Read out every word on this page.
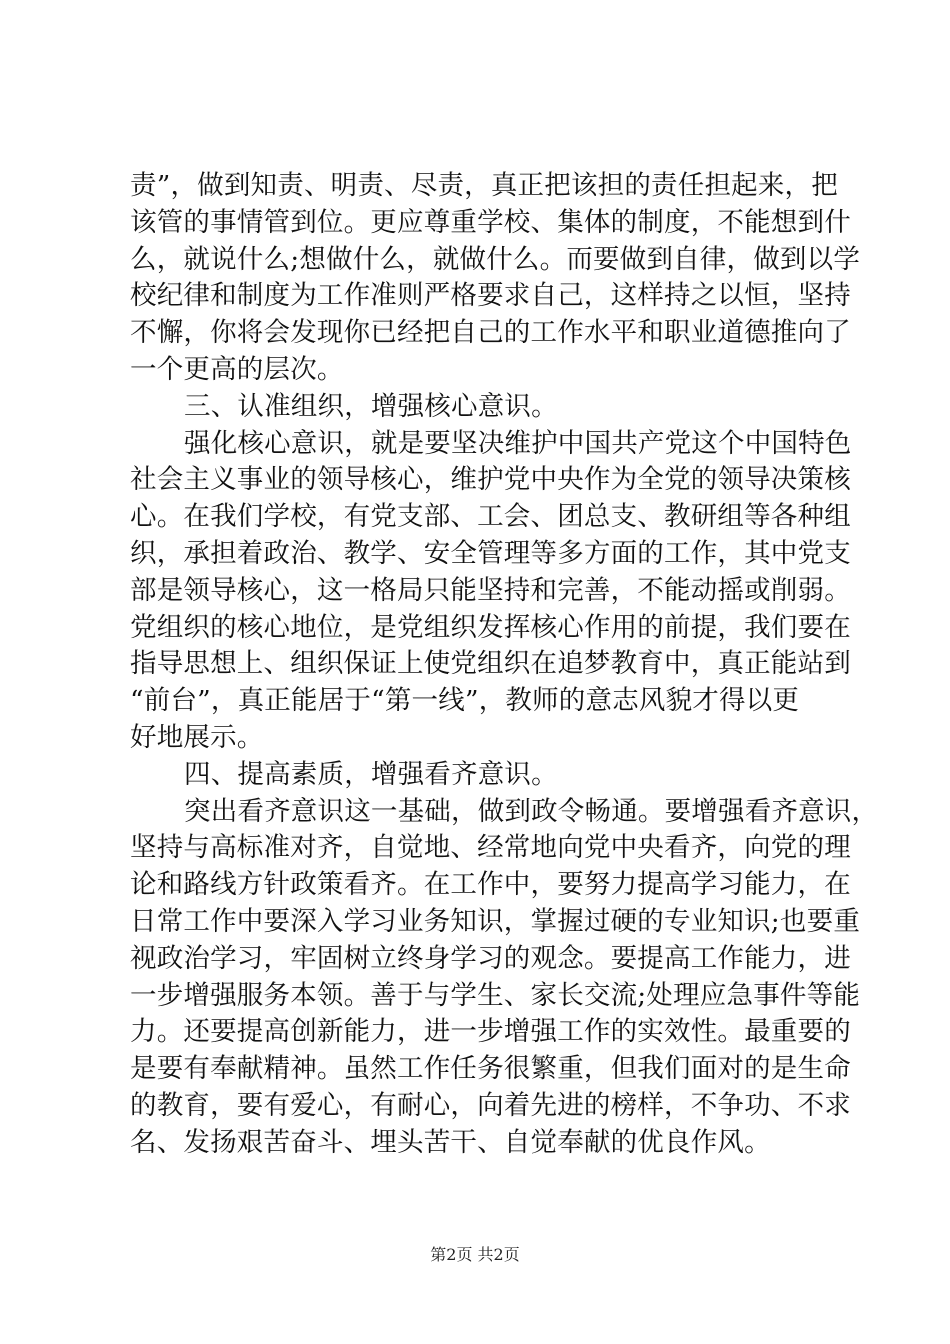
责”，做到知责、明责、尽责，真正把该担的责任担起来，把
该管的事情管到位。更应尊重学校、集体的制度，不能想到什
么，就说什么;想做什么，就做什么。而要做到自律，做到以学
校纪律和制度为工作准则严格要求自己，这样持之以恒，坚持
不懈，你将会发现你已经把自己的工作水平和职业道德推向了
一个更高的层次。
三、认准组织，增强核心意识。
强化核心意识，就是要坚决维护中国共产党这个中国特色
社会主义事业的领导核心，维护党中央作为全党的领导决策核
心。在我们学校，有党支部、工会、团总支、教研组等各种组
织，承担着政治、教学、安全管理等多方面的工作，其中党支
部是领导核心，这一格局只能坚持和完善，不能动摇或削弱。
党组织的核心地位，是党组织发挥核心作用的前提，我们要在
指导思想上、组织保证上使党组织在追梦教育中，真正能站到
“前台”，真正能居于“第一线”，教师的意志风貌才得以更
好地展示。
四、提高素质，增强看齐意识。
突出看齐意识这一基础，做到政令畅通。要增强看齐意识，
坚持与高标准对齐，自觉地、经常地向党中央看齐，向党的理
论和路线方针政策看齐。在工作中，要努力提高学习能力，在
日常工作中要深入学习业务知识，掌握过硬的专业知识;也要重
视政治学习，牢固树立终身学习的观念。要提高工作能力，进
一步增强服务本领。善于与学生、家长交流;处理应急事件等能
力。还要提高创新能力，进一步增强工作的实效性。最重要的
是要有奉献精神。虽然工作任务很繁重，但我们面对的是生命
的教育，要有爱心，有耐心，向着先进的榜样，不争功、不求
名、发扬艰苦奋斗、埋头苦干、自觉奉献的优良作风。
第2页 共2页
